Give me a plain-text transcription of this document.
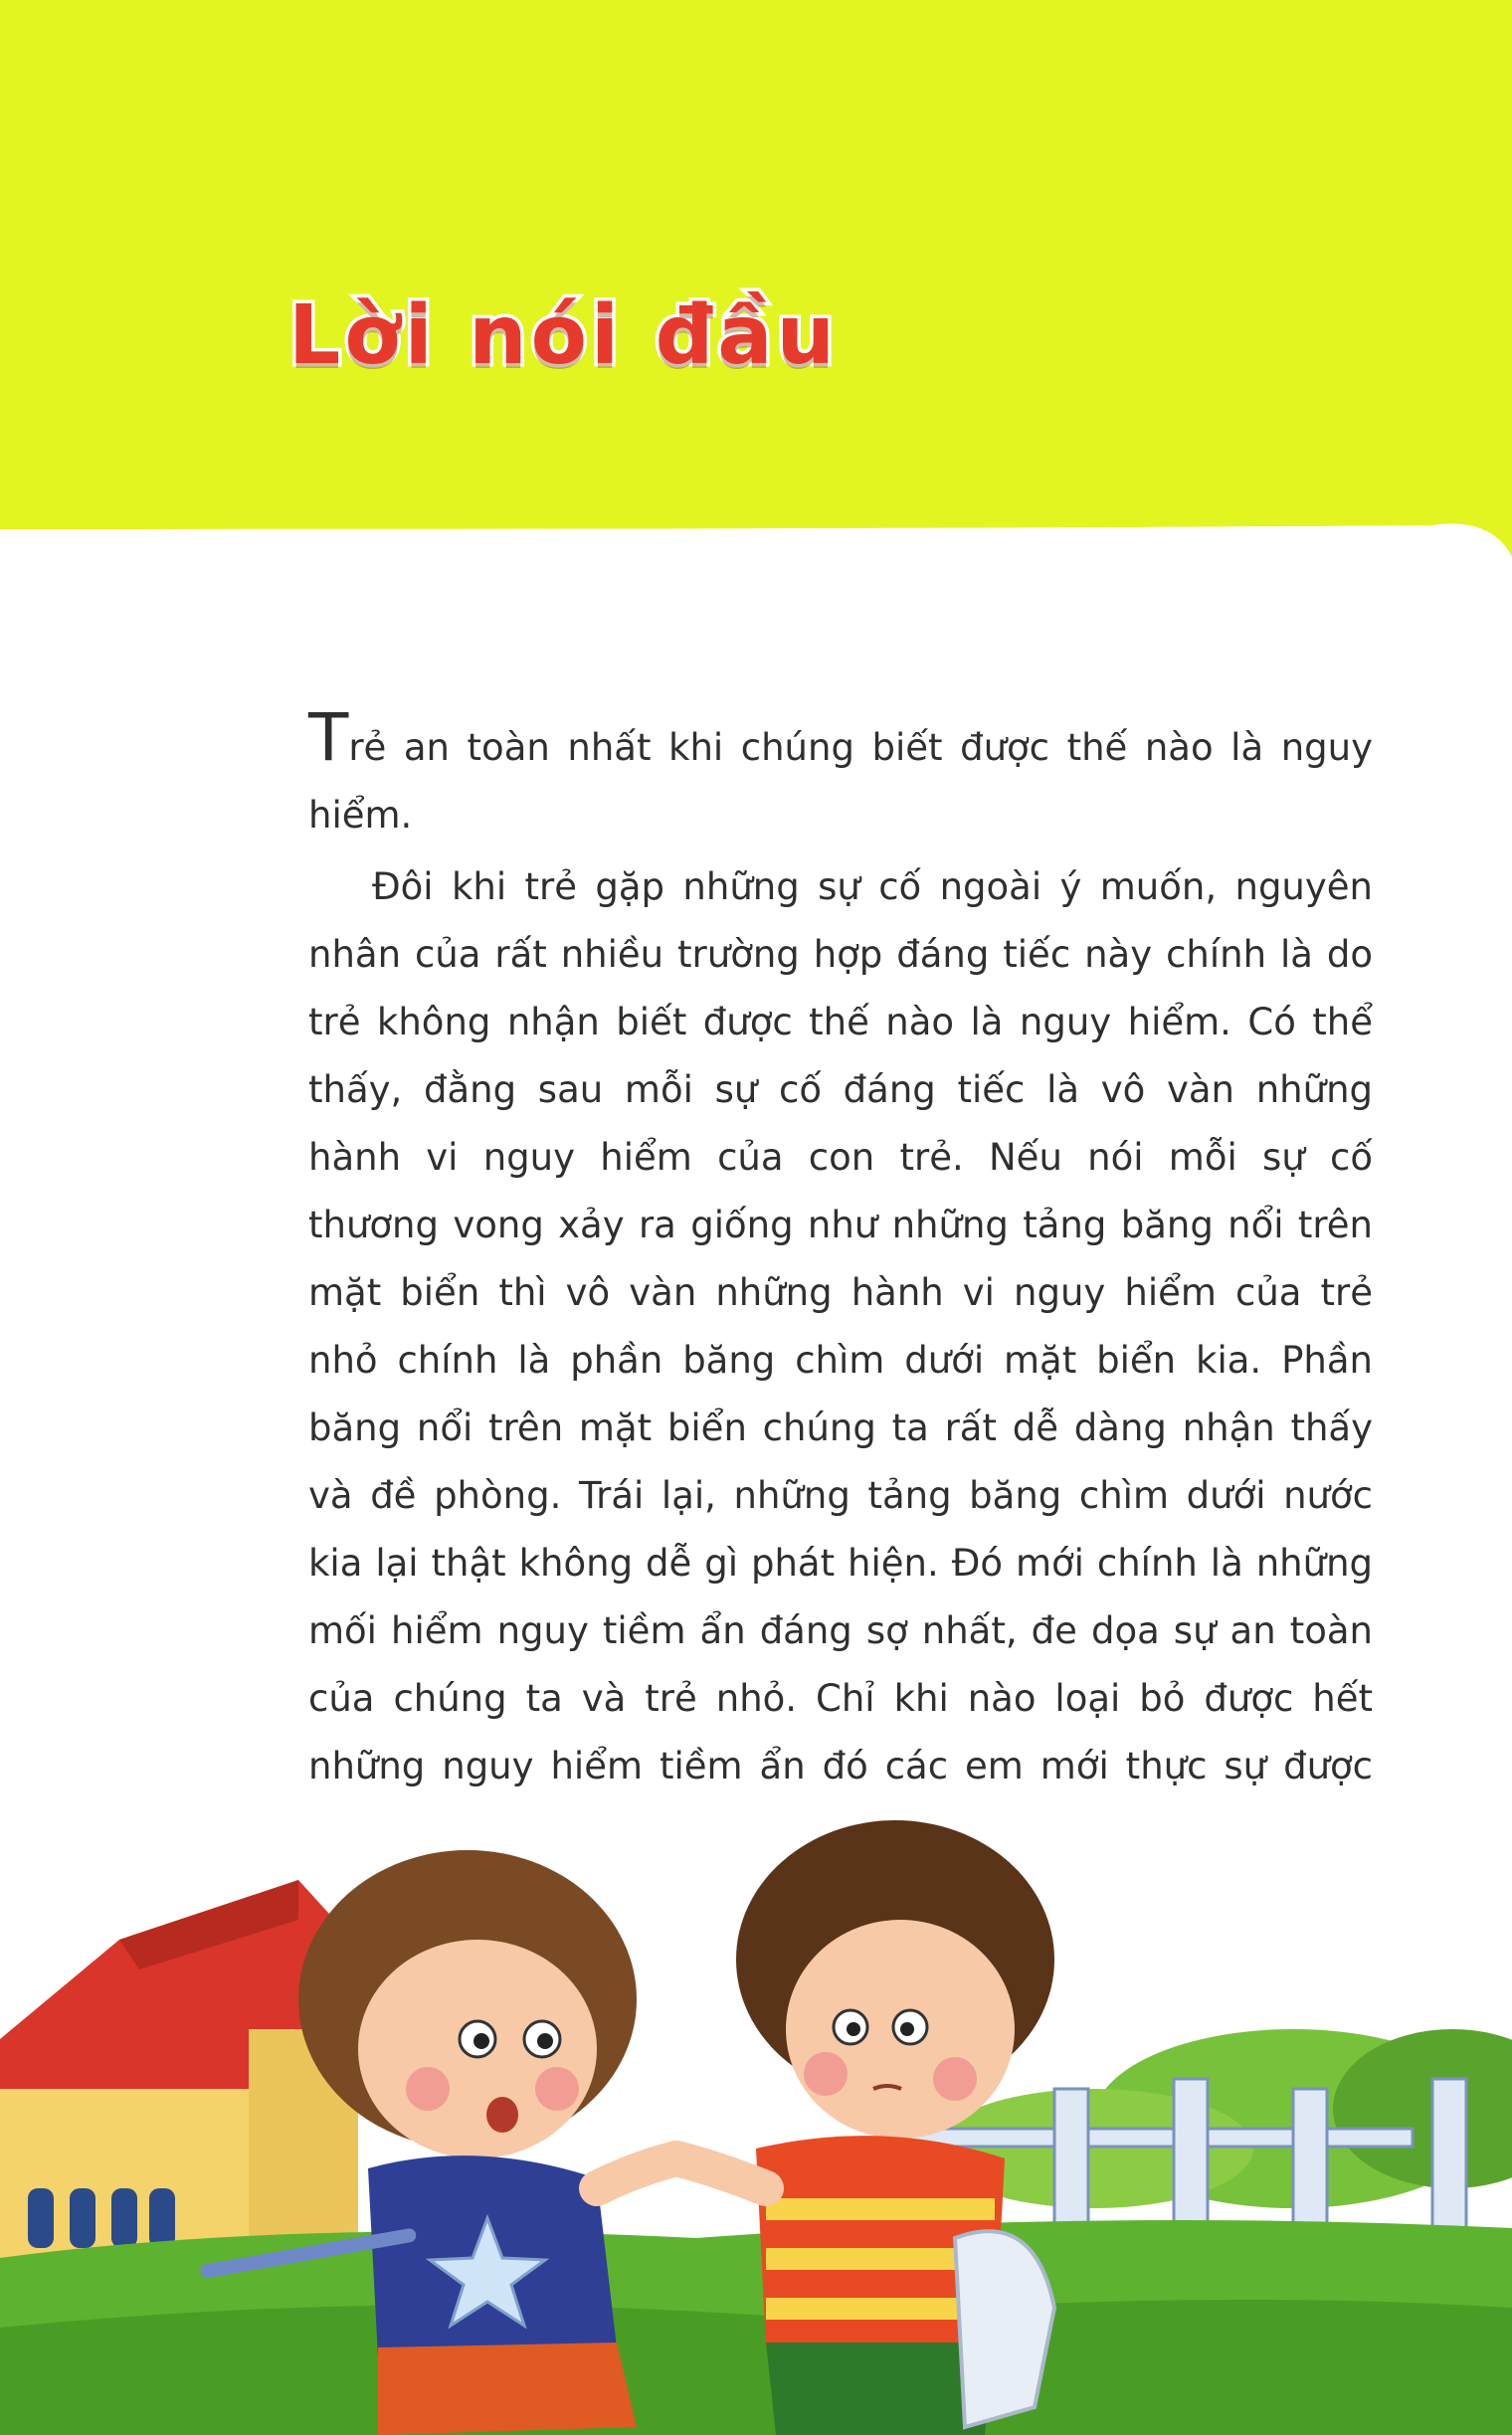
Lời nói đầu

Trẻ an toàn nhất khi chúng biết được thế nào là nguy hiểm.

Đôi khi trẻ gặp những sự cố ngoài ý muốn, nguyên nhân của rất nhiều trường hợp đáng tiếc này chính là do trẻ không nhận biết được thế nào là nguy hiểm. Có thể thấy, đằng sau mỗi sự cố đáng tiếc là vô vàn những hành vi nguy hiểm của con trẻ. Nếu nói mỗi sự cố thương vong xảy ra giống như những tảng băng nổi trên mặt biển thì vô vàn những hành vi nguy hiểm của trẻ nhỏ chính là phần băng chìm dưới mặt biển kia. Phần băng nổi trên mặt biển chúng ta rất dễ dàng nhận thấy và đề phòng. Trái lại, những tảng băng chìm dưới nước kia lại thật không dễ gì phát hiện. Đó mới chính là những mối hiểm nguy tiềm ẩn đáng sợ nhất, đe dọa sự an toàn của chúng ta và trẻ nhỏ. Chỉ khi nào loại bỏ được hết những nguy hiểm tiềm ẩn đó các em mới thực sự được
